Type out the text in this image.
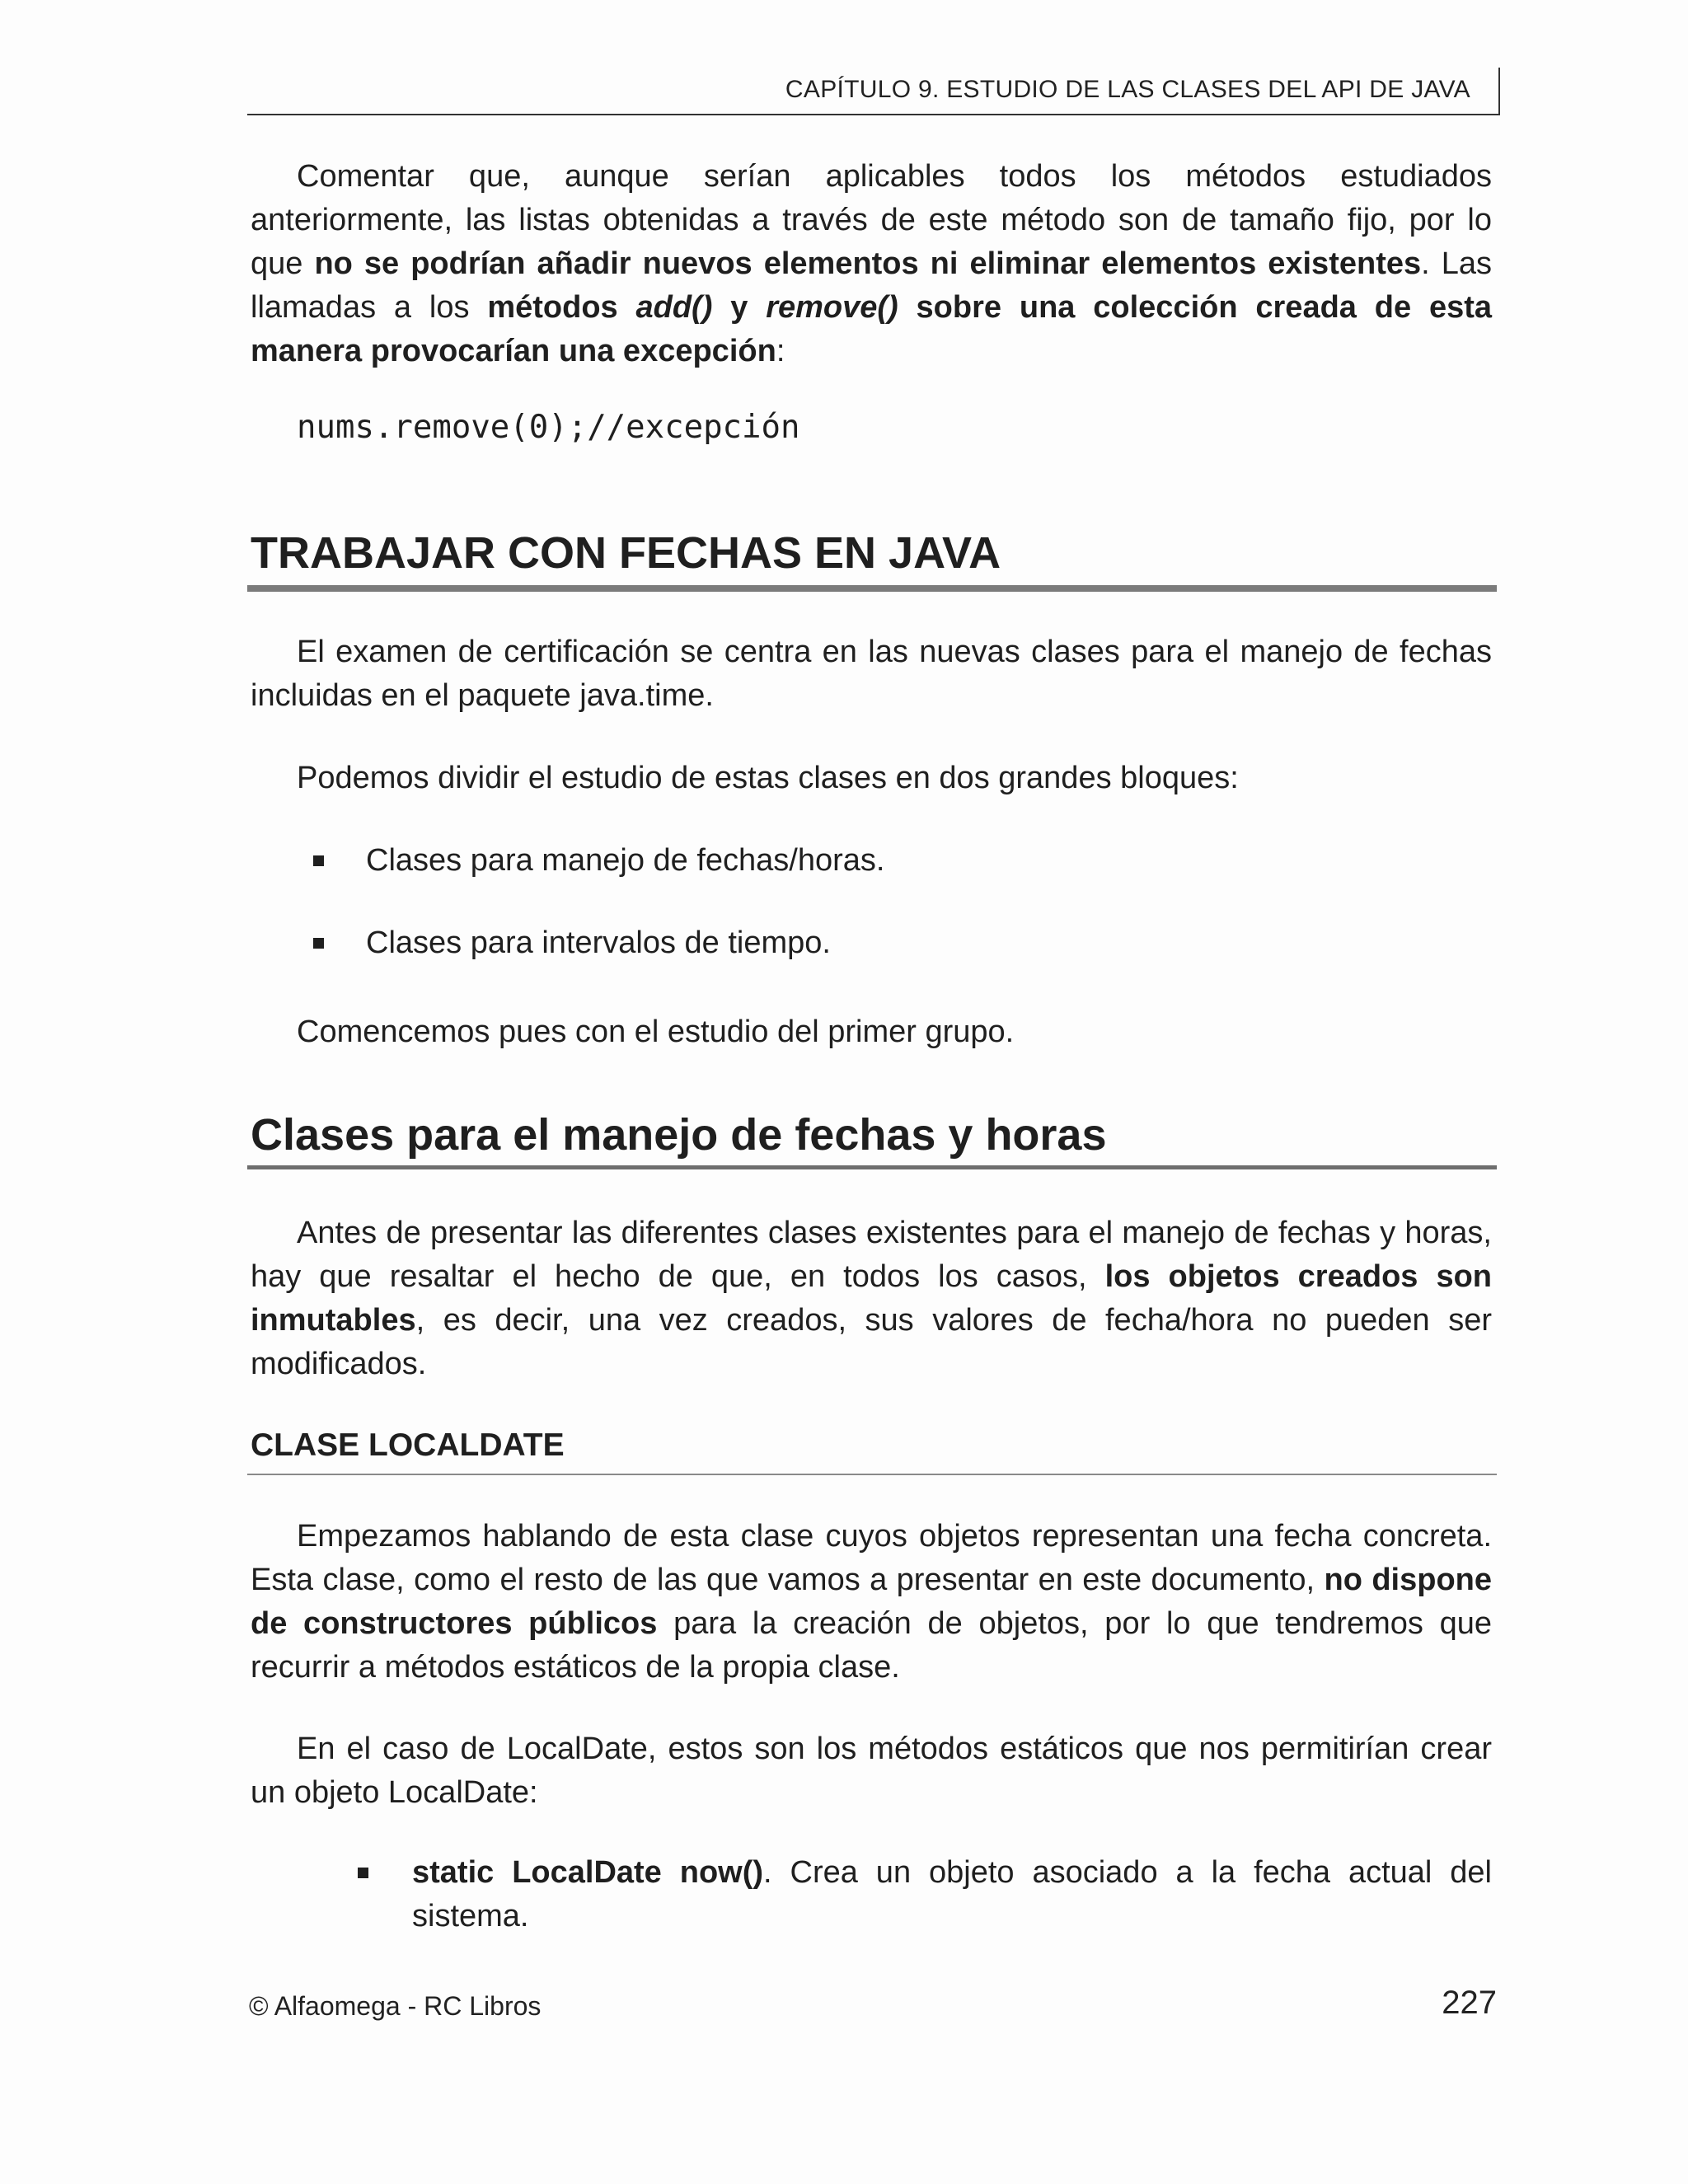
CAPÍTULO 9. ESTUDIO DE LAS CLASES DEL API DE JAVA

Comentar que, aunque serían aplicables todos los métodos estudiados anteriormente, las listas obtenidas a través de este método son de tamaño fijo, por lo que no se podrían añadir nuevos elementos ni eliminar elementos existentes. Las llamadas a los métodos add() y remove() sobre una colección creada de esta manera provocarían una excepción:

nums.remove(0);//excepción
TRABAJAR CON FECHAS EN JAVA

El examen de certificación se centra en las nuevas clases para el manejo de fechas incluidas en el paquete java.time.

Podemos dividir el estudio de estas clases en dos grandes bloques:

Clases para manejo de fechas/horas.
Clases para intervalos de tiempo.

Comencemos pues con el estudio del primer grupo.

Clases para el manejo de fechas y horas

Antes de presentar las diferentes clases existentes para el manejo de fechas y horas, hay que resaltar el hecho de que, en todos los casos, los objetos creados son inmutables, es decir, una vez creados, sus valores de fecha/hora no pueden ser modificados.

CLASE LOCALDATE

Empezamos hablando de esta clase cuyos objetos representan una fecha concreta. Esta clase, como el resto de las que vamos a presentar en este documento, no dispone de constructores públicos para la creación de objetos, por lo que tendremos que recurrir a métodos estáticos de la propia clase.

En el caso de LocalDate, estos son los métodos estáticos que nos permitirían crear un objeto LocalDate:

static LocalDate now(). Crea un objeto asociado a la fecha actual del sistema.
© Alfaomega - RC Libros	227
